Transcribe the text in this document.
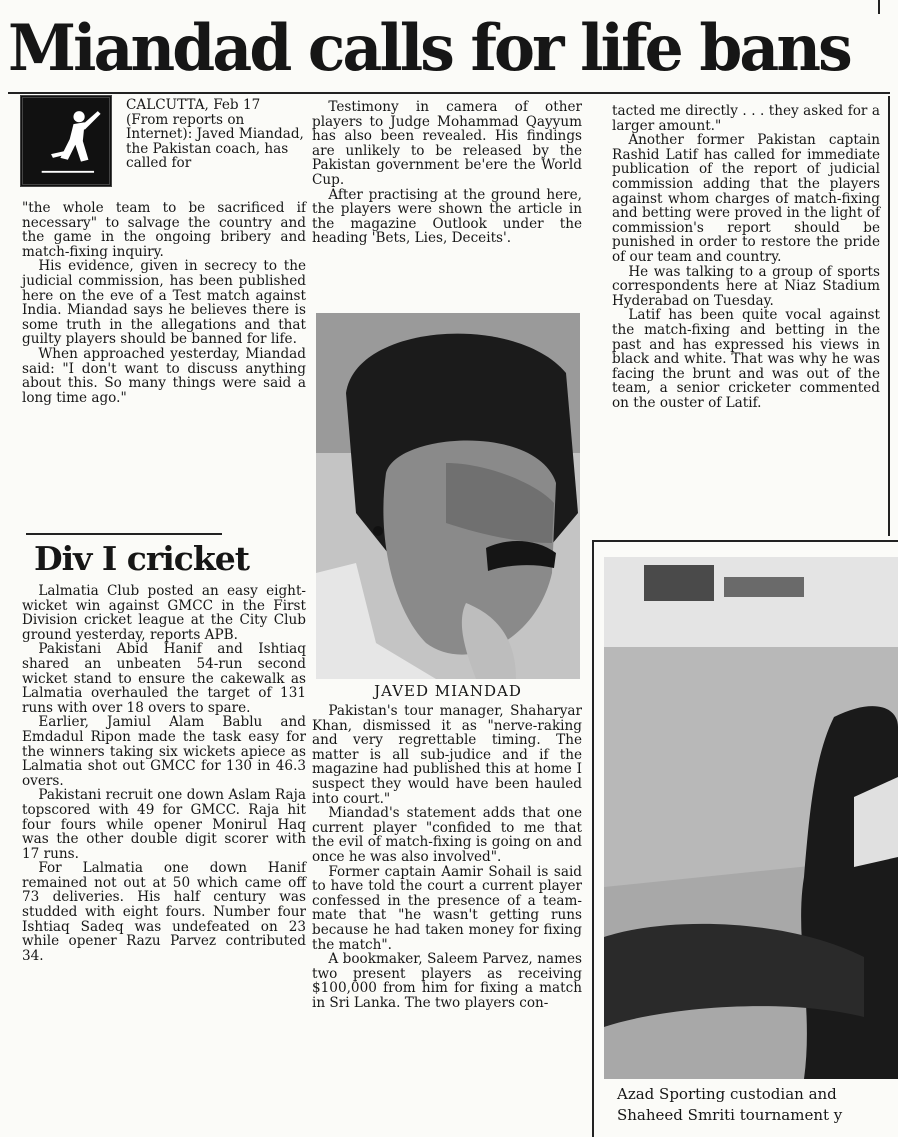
Miandad calls for life bans

CALCUTTA, Feb 17 (From reports on Internet): Javed Miandad, the Pakistan coach, has called for

"the whole team to be sacrificed if necessary" to salvage the country and the game in the ongoing bribery and match-fixing inquiry.

His evidence, given in secrecy to the judicial commission, has been published here on the eve of a Test match against India. Miandad says he believes there is some truth in the allegations and that guilty players should be banned for life.

When approached yesterday, Miandad said: "I don't want to discuss anything about this. So many things were said a long time ago."

Div I cricket

Lalmatia Club posted an easy eight-wicket win against GMCC in the First Division cricket league at the City Club ground yesterday, reports APB.

Pakistani Abid Hanif and Ishtiaq shared an unbeaten 54-run second wicket stand to ensure the cakewalk as Lalmatia overhauled the target of 131 runs with over 18 overs to spare.

Earlier, Jamiul Alam Bablu and Emdadul Ripon made the task easy for the winners taking six wickets apiece as Lalmatia shot out GMCC for 130 in 46.3 overs.

Pakistani recruit one down Aslam Raja topscored with 49 for GMCC. Raja hit four fours while opener Monirul Haq was the other double digit scorer with 17 runs.

For Lalmatia one down Hanif remained not out at 50 which came off 73 deliveries. His half century was studded with eight fours. Number four Ishtiaq Sadeq was undefeated on 23 while opener Razu Parvez contributed 34.

Testimony in camera of other players to Judge Mohammad Qayyum has also been revealed. His findings are unlikely to be released by the Pakistan government be'ere the World Cup.

After practising at the ground here, the players were shown the article in the magazine Outlook under the heading 'Bets, Lies, Deceits'.

JAVED MIANDAD

Pakistan's tour manager, Shaharyar Khan, dismissed it as "nerve-raking and very regrettable timing. The matter is all sub-judice and if the magazine had published this at home I suspect they would have been hauled into court."

Miandad's statement adds that one current player "confided to me that the evil of match-fixing is going on and once he was also involved".

Former captain Aamir Sohail is said to have told the court a current player confessed in the presence of a team-mate that "he wasn't getting runs because he had taken money for fixing the match".

A bookmaker, Saleem Parvez, names two present players as receiving $100,000 from him for fixing a match in Sri Lanka. The two players con-

tacted me directly . . . they asked for a larger amount."

Another former Pakistan captain Rashid Latif has called for immediate publication of the report of judicial commission adding that the players against whom charges of match-fixing and betting were proved in the light of commission's report should be punished in order to restore the pride of our team and country.

He was talking to a group of sports correspondents here at Niaz Stadium Hyderabad on Tuesday.

Latif has been quite vocal against the match-fixing and betting in the past and has expressed his views in black and white. That was why he was facing the brunt and was out of the team, a senior cricketer commented on the ouster of Latif.

Azad Sporting custodian and
Shaheed Smriti tournament y
